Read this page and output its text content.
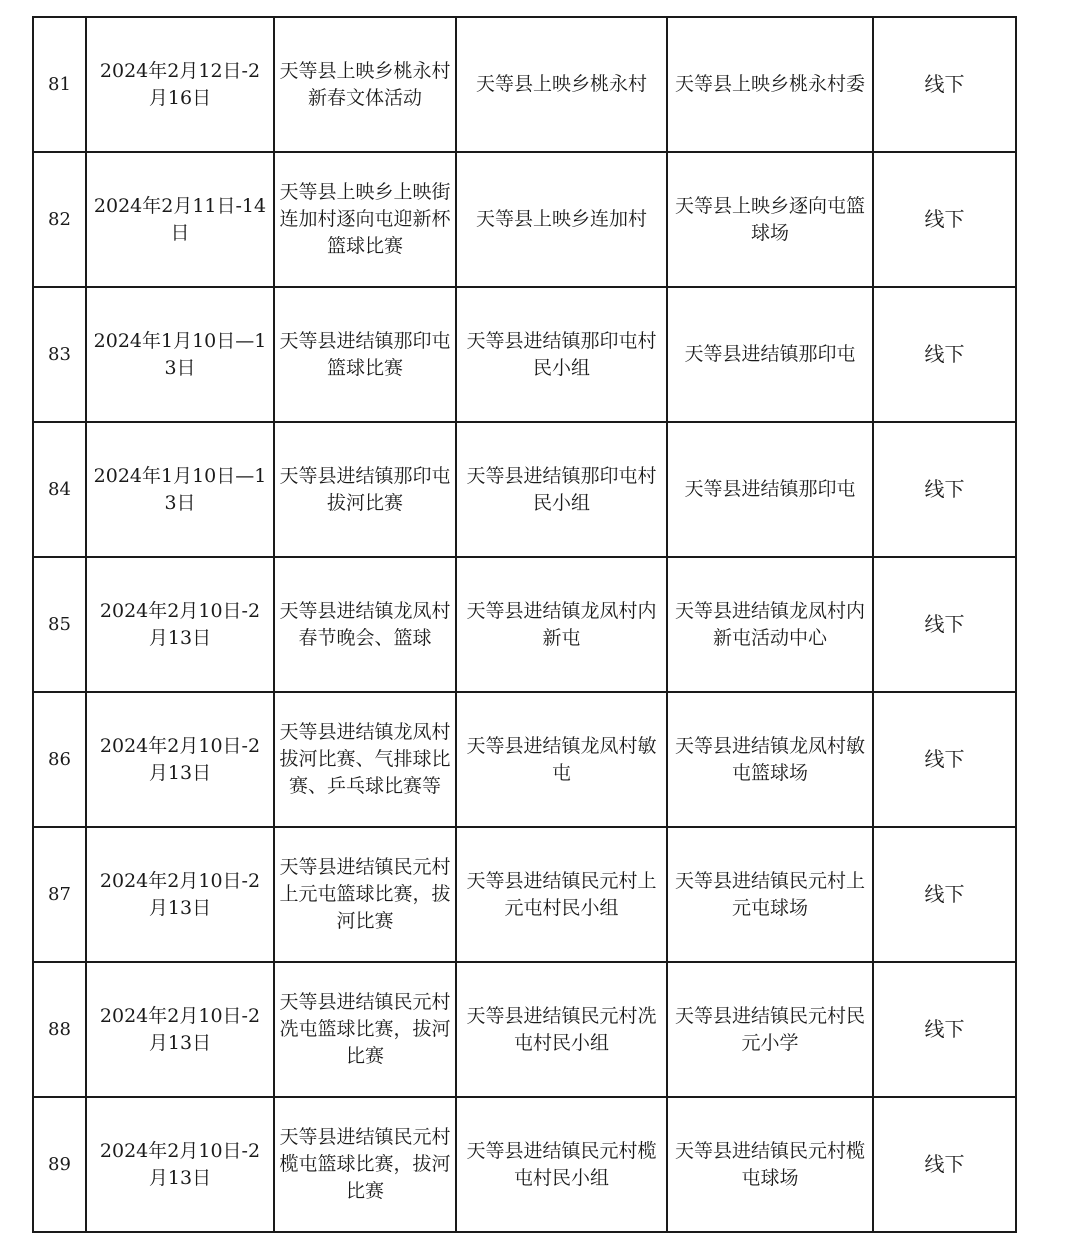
81	2024年2月12日-2月16日	天等县上映乡桃永村新春文体活动	天等县上映乡桃永村	天等县上映乡桃永村委	线下
82	2024年2月11日-14日	天等县上映乡上映街连加村逐向屯迎新杯篮球比赛	天等县上映乡连加村	天等县上映乡逐向屯篮球场	线下
83	2024年1月10日—13日	天等县进结镇那印屯篮球比赛	天等县进结镇那印屯村民小组	天等县进结镇那印屯	线下
84	2024年1月10日—13日	天等县进结镇那印屯拔河比赛	天等县进结镇那印屯村民小组	天等县进结镇那印屯	线下
85	2024年2月10日-2月13日	天等县进结镇龙凤村春节晚会、篮球	天等县进结镇龙凤村内新屯	天等县进结镇龙凤村内新屯活动中心	线下
86	2024年2月10日-2月13日	天等县进结镇龙凤村拔河比赛、气排球比赛、乒乓球比赛等	天等县进结镇龙凤村敏屯	天等县进结镇龙凤村敏屯篮球场	线下
87	2024年2月10日-2月13日	天等县进结镇民元村上元屯篮球比赛，拔河比赛	天等县进结镇民元村上元屯村民小组	天等县进结镇民元村上元屯球场	线下
88	2024年2月10日-2月13日	天等县进结镇民元村冼屯篮球比赛，拔河比赛	天等县进结镇民元村冼屯村民小组	天等县进结镇民元村民元小学	线下
89	2024年2月10日-2月13日	天等县进结镇民元村榄屯篮球比赛，拔河比赛	天等县进结镇民元村榄屯村民小组	天等县进结镇民元村榄屯球场	线下
